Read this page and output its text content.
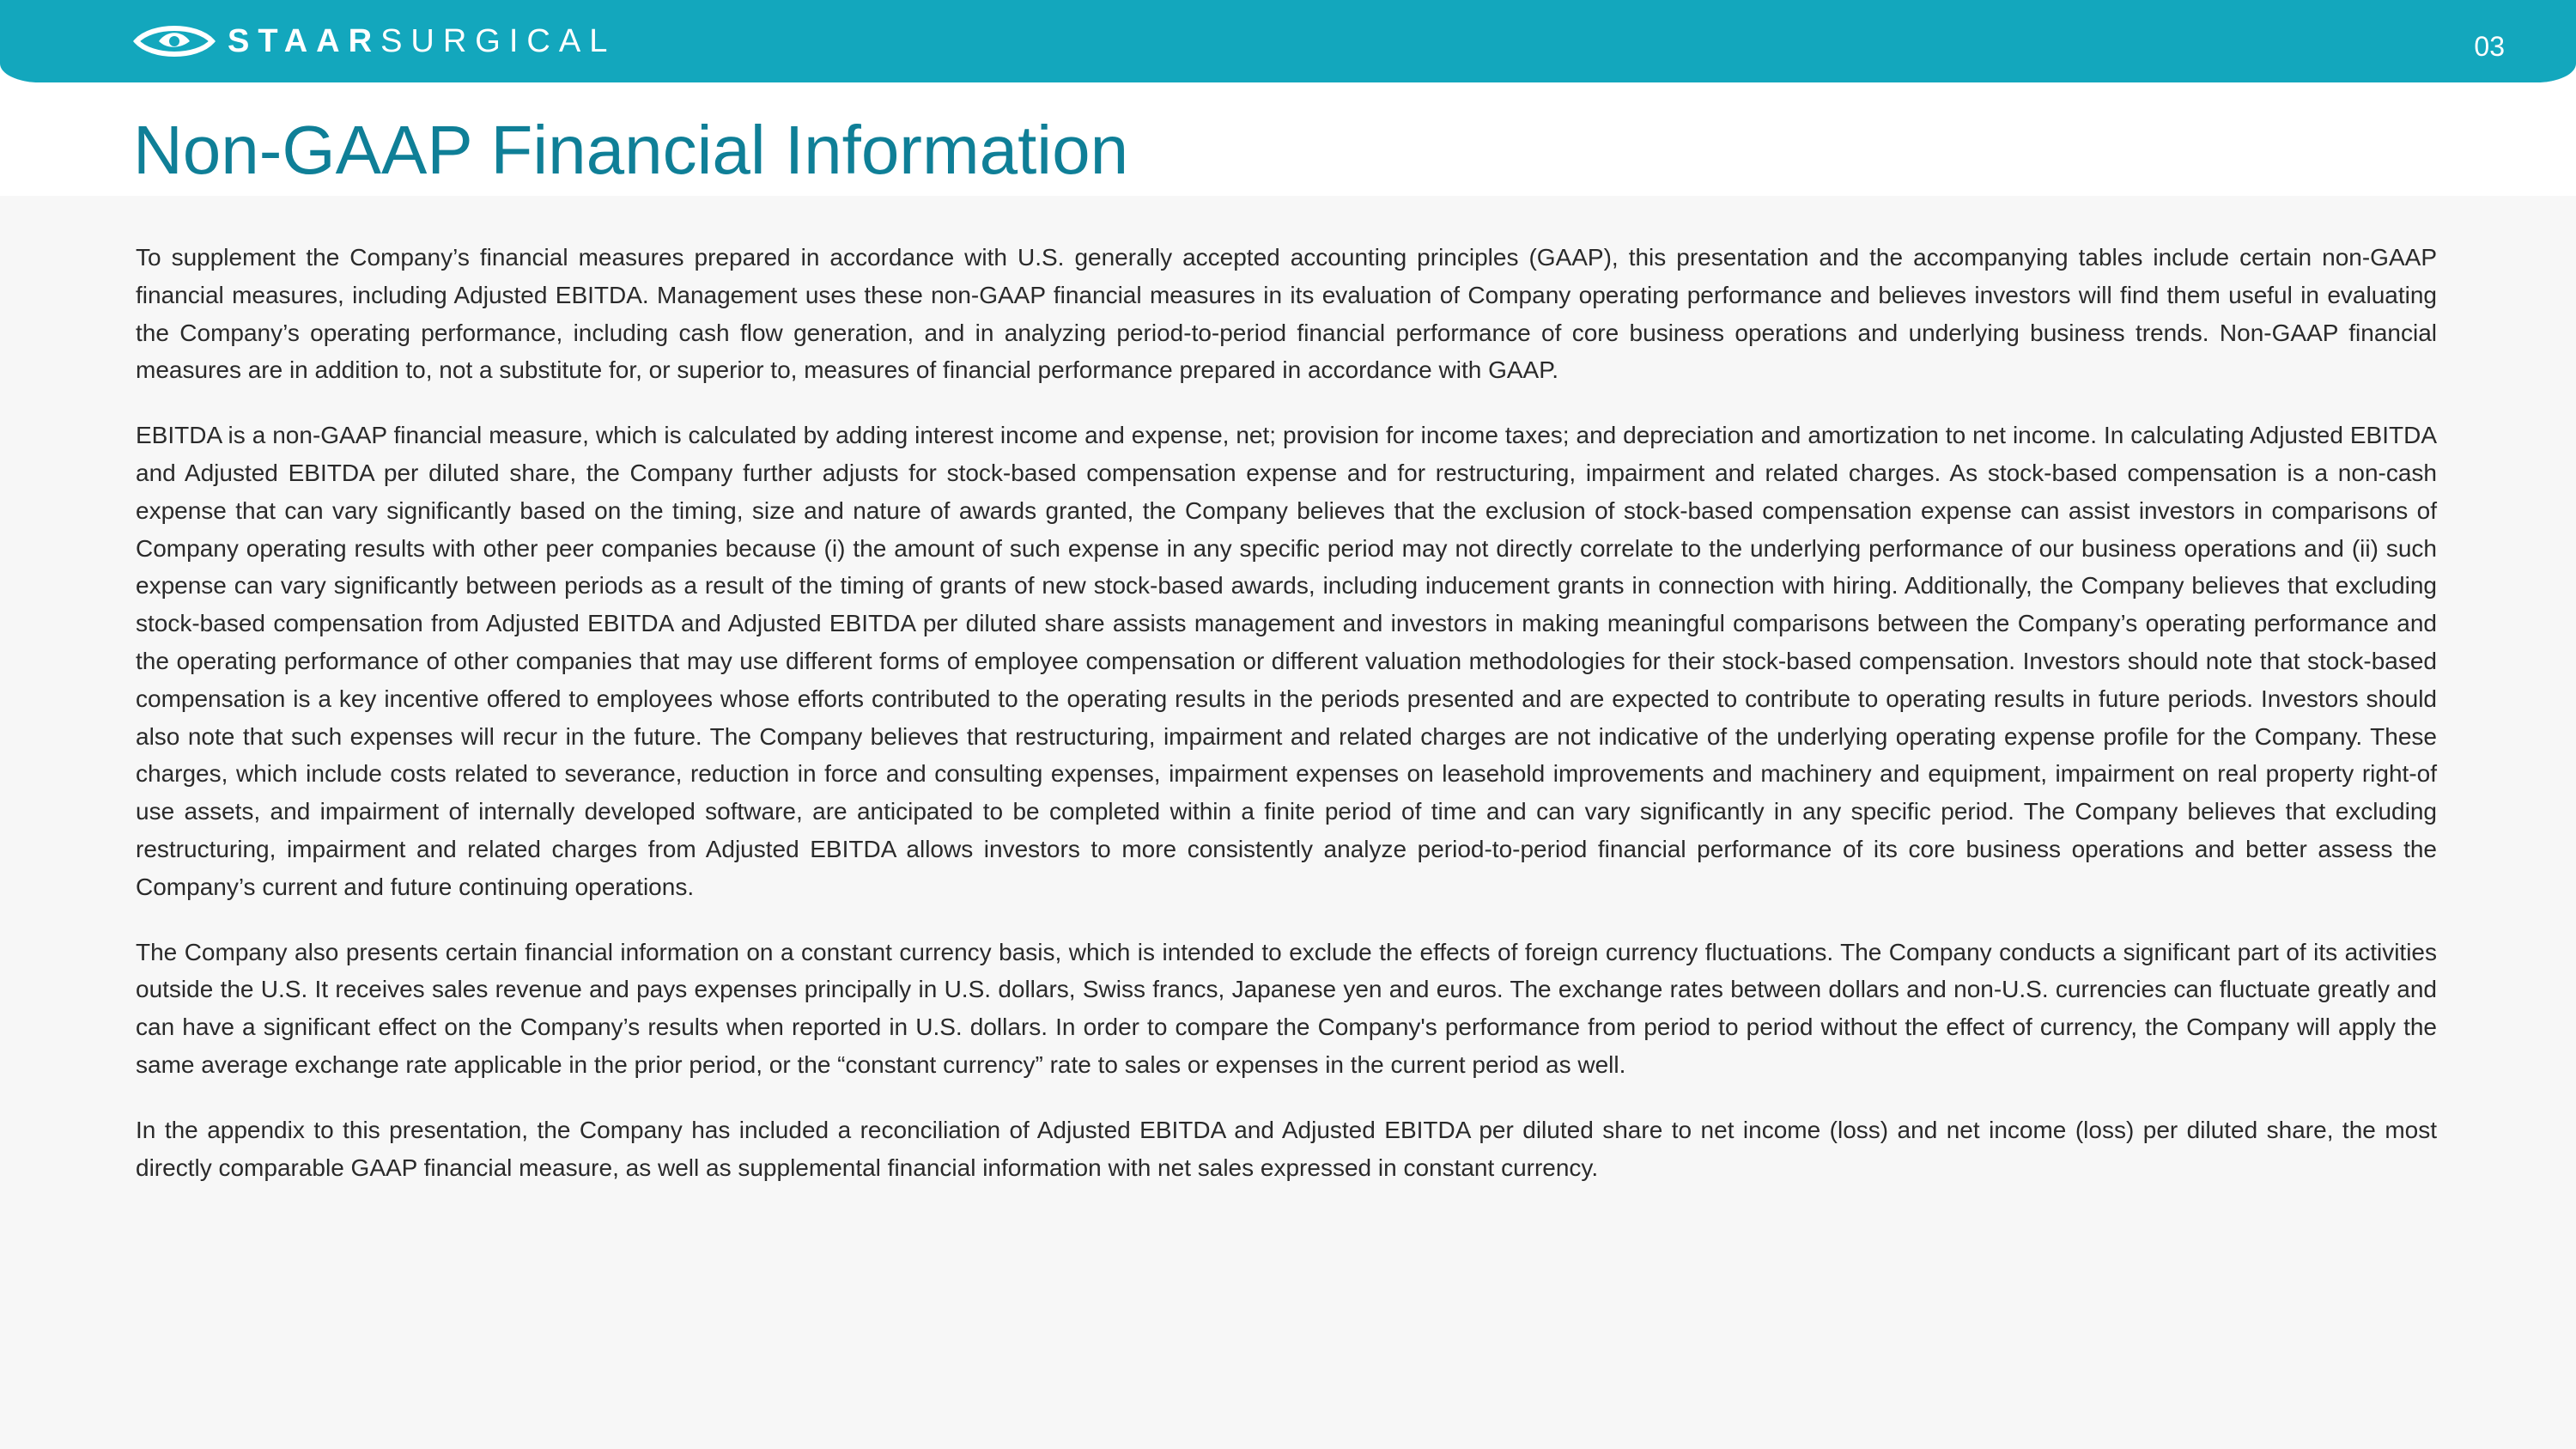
STAARSURGICAL	03
Non-GAAP Financial Information

To supplement the Company’s financial measures prepared in accordance with U.S. generally accepted accounting principles (GAAP), this presentation and the accompanying tables include certain non-GAAP financial measures, including Adjusted EBITDA. Management uses these non-GAAP financial measures in its evaluation of Company operating performance and believes investors will find them useful in evaluating the Company’s operating performance, including cash flow generation, and in analyzing period-to-period financial performance of core business operations and underlying business trends. Non-GAAP financial measures are in addition to, not a substitute for, or superior to, measures of financial performance prepared in accordance with GAAP.

EBITDA is a non-GAAP financial measure, which is calculated by adding interest income and expense, net; provision for income taxes; and depreciation and amortization to net income. In calculating Adjusted EBITDA and Adjusted EBITDA per diluted share, the Company further adjusts for stock-based compensation expense and for restructuring, impairment and related charges. As stock-based compensation is a non-cash expense that can vary significantly based on the timing, size and nature of awards granted, the Company believes that the exclusion of stock-based compensation expense can assist investors in comparisons of Company operating results with other peer companies because (i) the amount of such expense in any specific period may not directly correlate to the underlying performance of our business operations and (ii) such expense can vary significantly between periods as a result of the timing of grants of new stock-based awards, including inducement grants in connection with hiring. Additionally, the Company believes that excluding stock-based compensation from Adjusted EBITDA and Adjusted EBITDA per diluted share assists management and investors in making meaningful comparisons between the Company’s operating performance and the operating performance of other companies that may use different forms of employee compensation or different valuation methodologies for their stock-based compensation. Investors should note that stock-based compensation is a key incentive offered to employees whose efforts contributed to the operating results in the periods presented and are expected to contribute to operating results in future periods. Investors should also note that such expenses will recur in the future. The Company believes that restructuring, impairment and related charges are not indicative of the underlying operating expense profile for the Company. These charges, which include costs related to severance, reduction in force and consulting expenses, impairment expenses on leasehold improvements and machinery and equipment, impairment on real property right-of use assets, and impairment of internally developed software, are anticipated to be completed within a finite period of time and can vary significantly in any specific period. The Company believes that excluding restructuring, impairment and related charges from Adjusted EBITDA allows investors to more consistently analyze period-to-period financial performance of its core business operations and better assess the Company’s current and future continuing operations.

The Company also presents certain financial information on a constant currency basis, which is intended to exclude the effects of foreign currency fluctuations. The Company conducts a significant part of its activities outside the U.S. It receives sales revenue and pays expenses principally in U.S. dollars, Swiss francs, Japanese yen and euros. The exchange rates between dollars and non-U.S. currencies can fluctuate greatly and can have a significant effect on the Company’s results when reported in U.S. dollars. In order to compare the Company's performance from period to period without the effect of currency, the Company will apply the same average exchange rate applicable in the prior period, or the “constant currency” rate to sales or expenses in the current period as well.

In the appendix to this presentation, the Company has included a reconciliation of Adjusted EBITDA and Adjusted EBITDA per diluted share to net income (loss) and net income (loss) per diluted share, the most directly comparable GAAP financial measure, as well as supplemental financial information with net sales expressed in constant currency.
